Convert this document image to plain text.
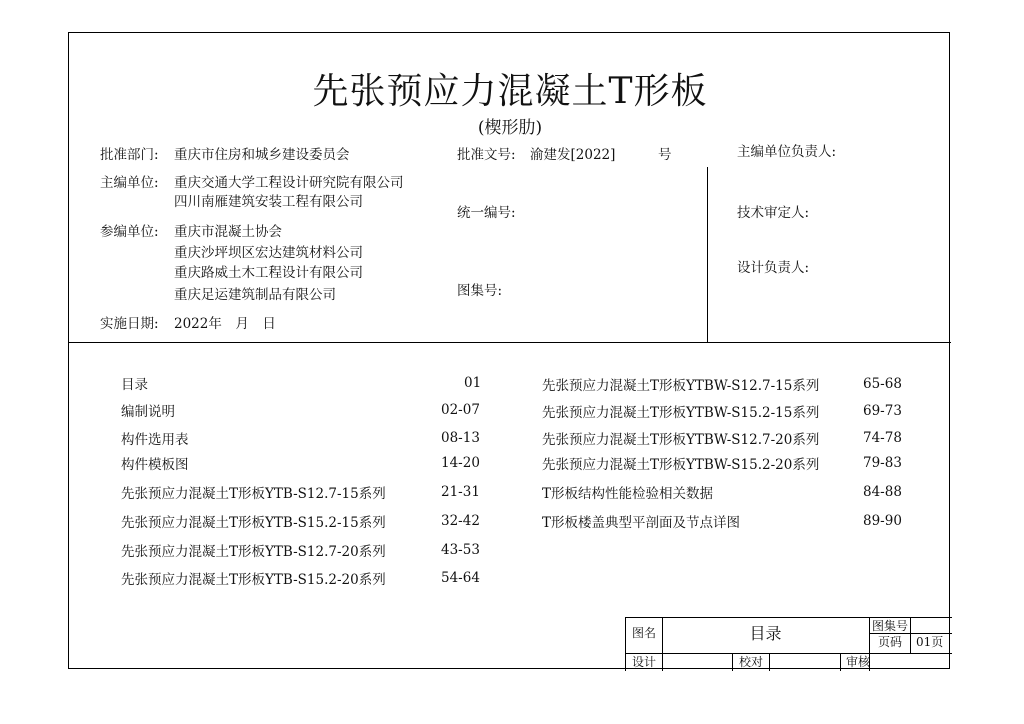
先张预应力混凝土T形板
(楔形肋)
批准部门: 重庆市住房和城乡建设委员会	批准文号: 渝建发[2022]	号	主编单位负责人:
主编单位: 重庆交通大学工程设计研究院有限公司
四川南雁建筑安装工程有限公司
统一编号:	技术审定人:
参编单位: 重庆市混凝土协会
重庆沙坪坝区宏达建筑材料公司
重庆路威土木工程设计有限公司
重庆足运建筑制品有限公司
设计负责人:
图集号:
实施日期: 2022年　月　日
目录	01
编制说明	02-07
构件选用表	08-13
构件模板图	14-20
先张预应力混凝土T形板YTB-S12.7-15系列	21-31
先张预应力混凝土T形板YTB-S15.2-15系列	32-42
先张预应力混凝土T形板YTB-S12.7-20系列	43-53
先张预应力混凝土T形板YTB-S15.2-20系列	54-64
先张预应力混凝土T形板YTBW-S12.7-15系列	65-68
先张预应力混凝土T形板YTBW-S15.2-15系列	69-73
先张预应力混凝土T形板YTBW-S12.7-20系列	74-78
先张预应力混凝土T形板YTBW-S15.2-20系列	79-83
T形板结构性能检验相关数据	84-88
T形板楼盖典型平剖面及节点详图	89-90
图名	目录	图集号
页码 01页
设计	校对	审核
